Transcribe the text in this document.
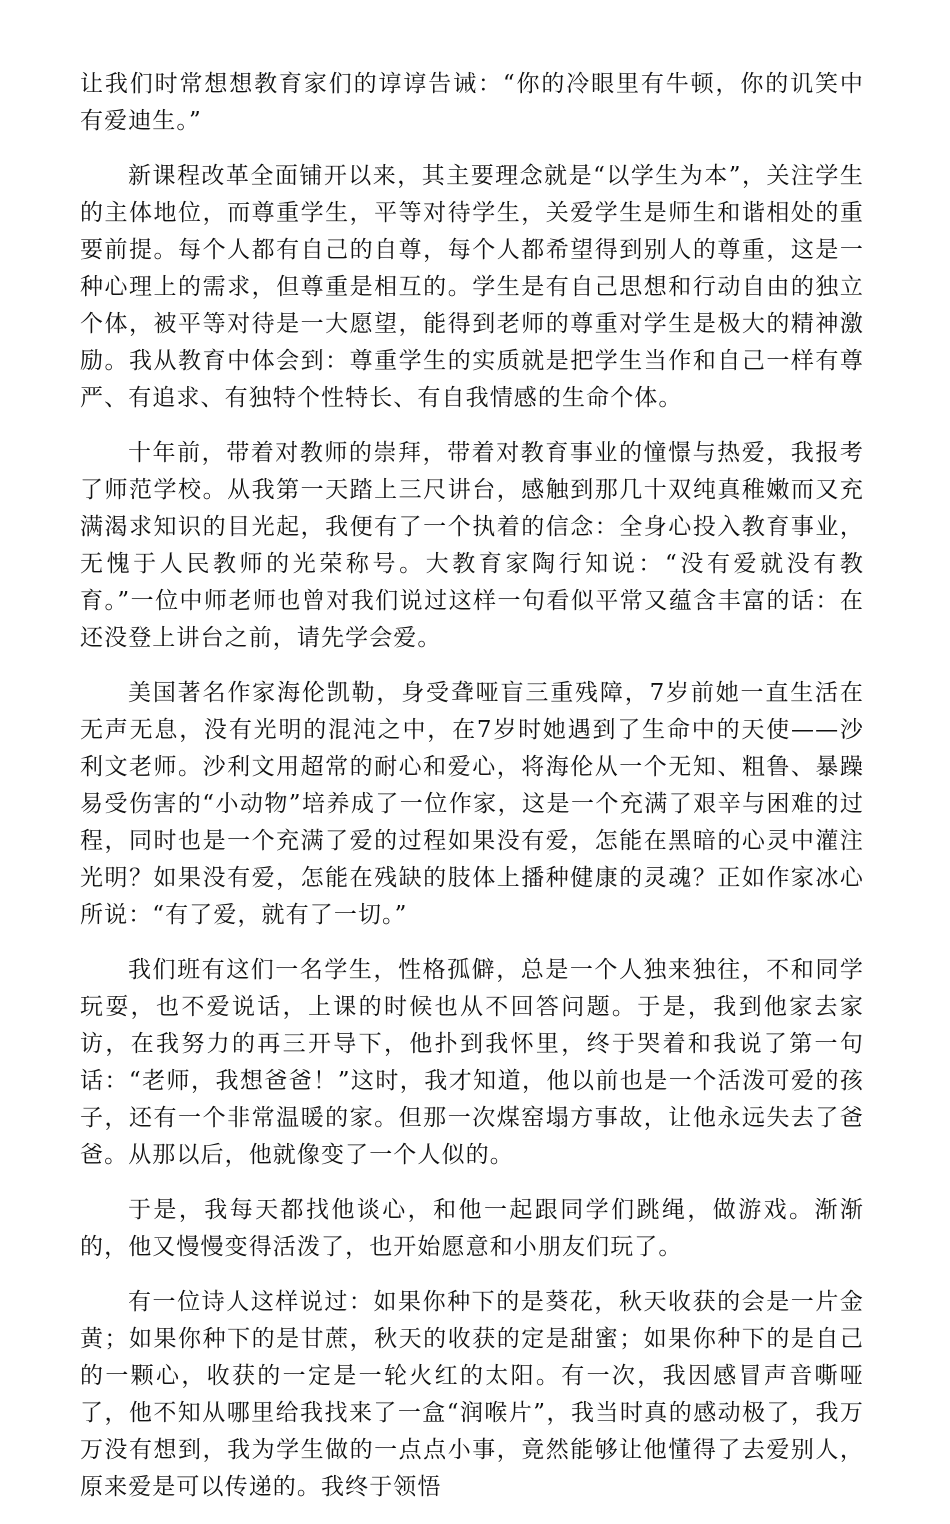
让我们时常想想教育家们的谆谆告诫：“你的冷眼里有牛顿，你的讥笑中有爱迪生。”

新课程改革全面铺开以来，其主要理念就是“以学生为本”，关注学生的主体地位，而尊重学生，平等对待学生，关爱学生是师生和谐相处的重要前提。每个人都有自己的自尊，每个人都希望得到别人的尊重，这是一种心理上的需求，但尊重是相互的。学生是有自己思想和行动自由的独立个体，被平等对待是一大愿望，能得到老师的尊重对学生是极大的精神激励。我从教育中体会到：尊重学生的实质就是把学生当作和自己一样有尊严、有追求、有独特个性特长、有自我情感的生命个体。

十年前，带着对教师的崇拜，带着对教育事业的憧憬与热爱，我报考了师范学校。从我第一天踏上三尺讲台，感触到那几十双纯真稚嫩而又充满渴求知识的目光起，我便有了一个执着的信念：全身心投入教育事业，无愧于人民教师的光荣称号。大教育家陶行知说：“没有爱就没有教育。”一位中师老师也曾对我们说过这样一句看似平常又蕴含丰富的话：在还没登上讲台之前，请先学会爱。

美国著名作家海伦凯勒，身受聋哑盲三重残障，7岁前她一直生活在无声无息，没有光明的混沌之中，在7岁时她遇到了生命中的天使——沙利文老师。沙利文用超常的耐心和爱心，将海伦从一个无知、粗鲁、暴躁易受伤害的“小动物”培养成了一位作家，这是一个充满了艰辛与困难的过程，同时也是一个充满了爱的过程如果没有爱，怎能在黑暗的心灵中灌注光明？如果没有爱，怎能在残缺的肢体上播种健康的灵魂？正如作家冰心所说：“有了爱，就有了一切。”

我们班有这们一名学生，性格孤僻，总是一个人独来独往，不和同学玩耍，也不爱说话，上课的时候也从不回答问题。于是，我到他家去家访，在我努力的再三开导下，他扑到我怀里，终于哭着和我说了第一句话：“老师，我想爸爸！”这时，我才知道，他以前也是一个活泼可爱的孩子，还有一个非常温暖的家。但那一次煤窑塌方事故，让他永远失去了爸爸。从那以后，他就像变了一个人似的。

于是，我每天都找他谈心，和他一起跟同学们跳绳，做游戏。渐渐的，他又慢慢变得活泼了，也开始愿意和小朋友们玩了。

有一位诗人这样说过：如果你种下的是葵花，秋天收获的会是一片金黄；如果你种下的是甘蔗，秋天的收获的定是甜蜜；如果你种下的是自己的一颗心，收获的一定是一轮火红的太阳。有一次，我因感冒声音嘶哑了，他不知从哪里给我找来了一盒“润喉片”，我当时真的感动极了，我万万没有想到，我为学生做的一点点小事，竟然能够让他懂得了去爱别人，原来爱是可以传递的。我终于领悟
